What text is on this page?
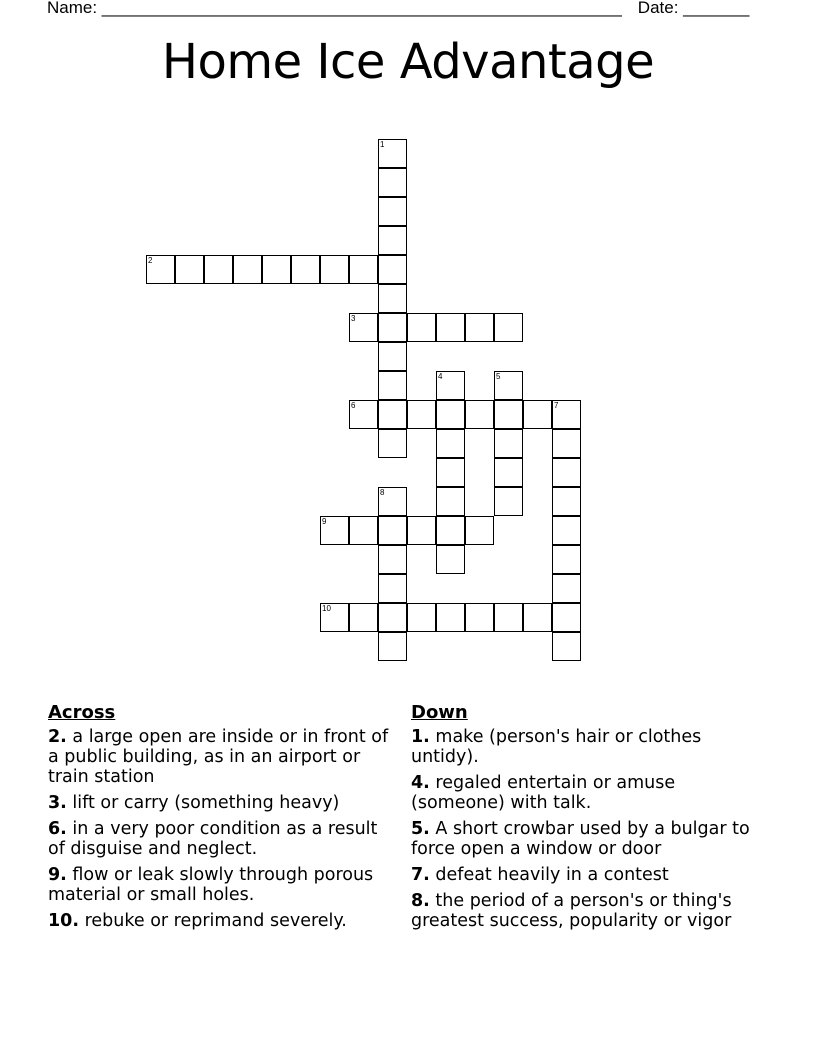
Name: _______________________________________________________ Date: _______
Home Ice Advantage
1
2
3
4	5
6	7
8
9
10
Across
2. a large open are inside or in front of a public building, as in an airport or train station
3. lift or carry (something heavy)
6. in a very poor condition as a result of disguise and neglect.
9. flow or leak slowly through porous material or small holes.
10. rebuke or reprimand severely.
Down
1. make (person's hair or clothes untidy).
4. regaled entertain or amuse (someone) with talk.
5. A short crowbar used by a bulgar to force open a window or door
7. defeat heavily in a contest
8. the period of a person's or thing's greatest success, popularity or vigor
